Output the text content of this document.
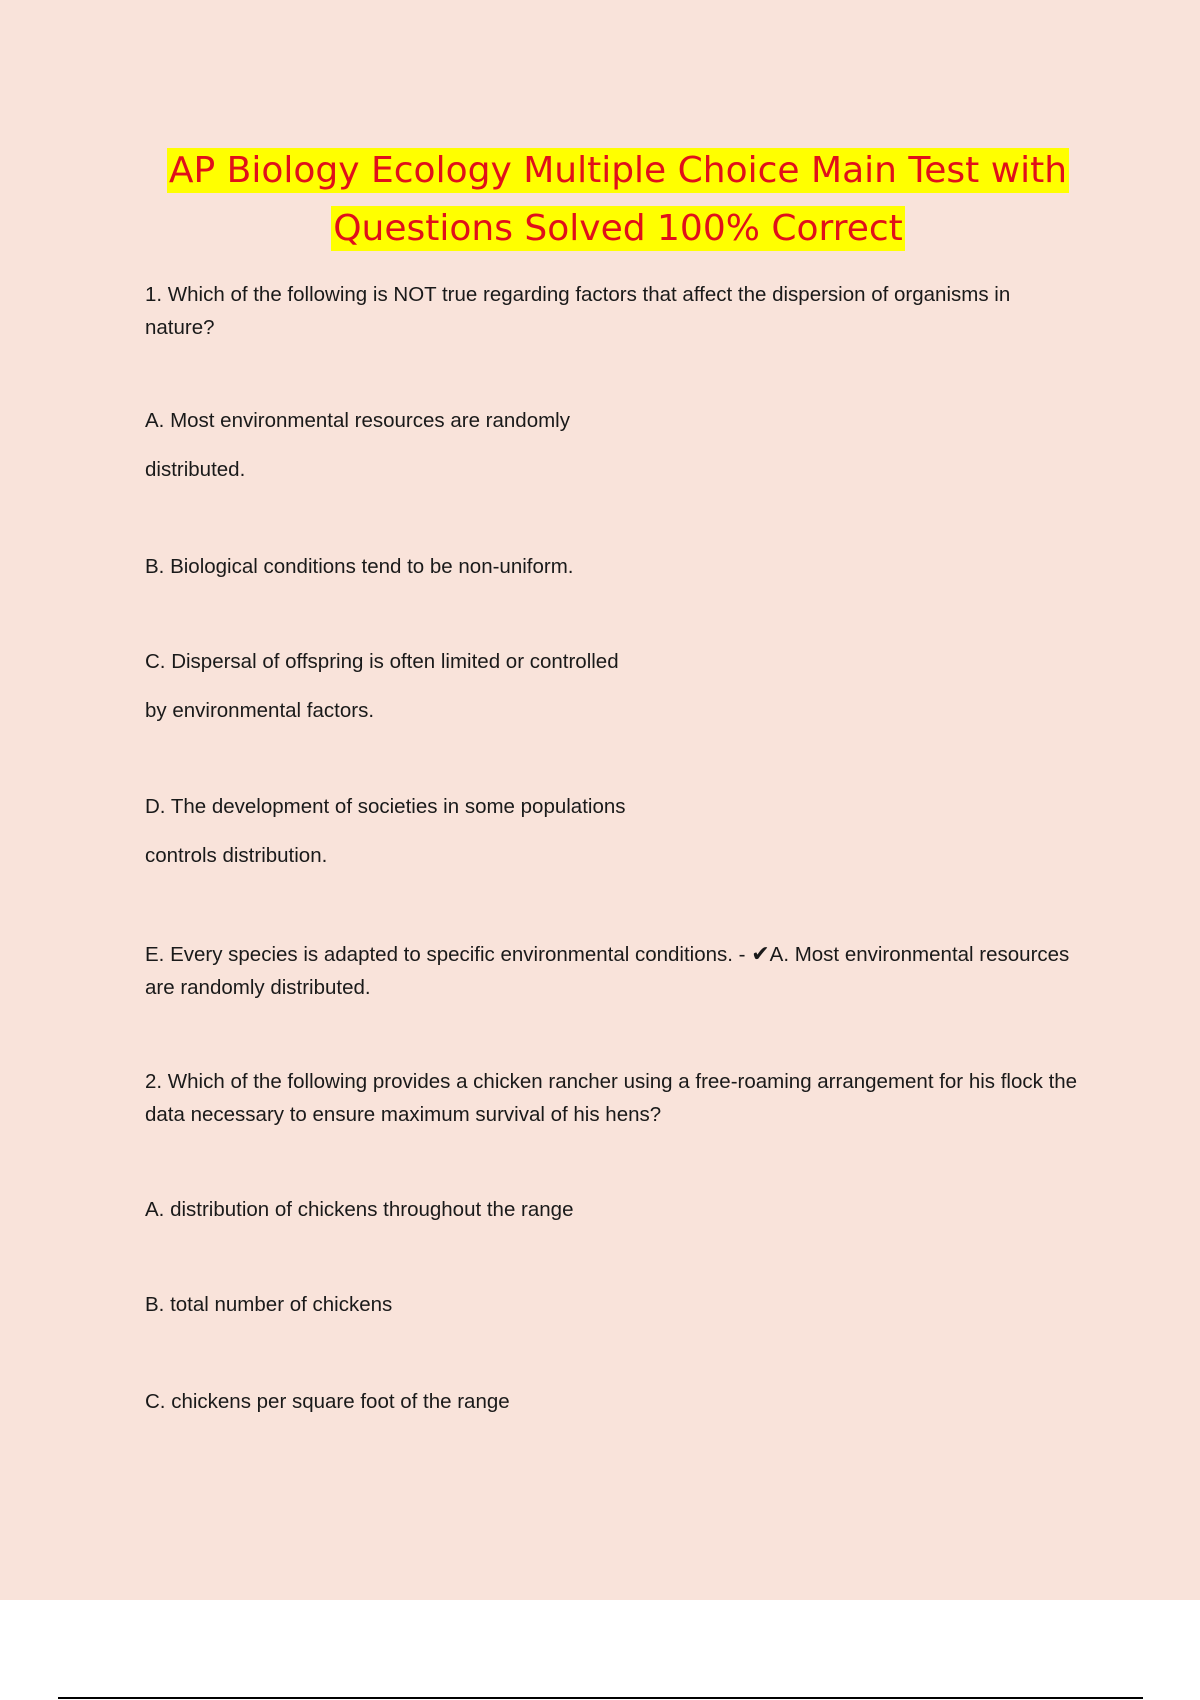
AP Biology Ecology Multiple Choice Main Test with
Questions Solved 100% Correct

1. Which of the following is NOT true regarding factors that affect the dispersion of organisms in nature?

A. Most environmental resources are randomly

distributed.

B. Biological conditions tend to be non-uniform.

C. Dispersal of offspring is often limited or controlled

by environmental factors.

D. The development of societies in some populations

controls distribution.

E. Every species is adapted to specific environmental conditions. - ✔A. Most environmental resources are randomly distributed.

2. Which of the following provides a chicken rancher using a free-roaming arrangement for his flock the data necessary to ensure maximum survival of his hens?

A. distribution of chickens throughout the range

B. total number of chickens

C. chickens per square foot of the range
